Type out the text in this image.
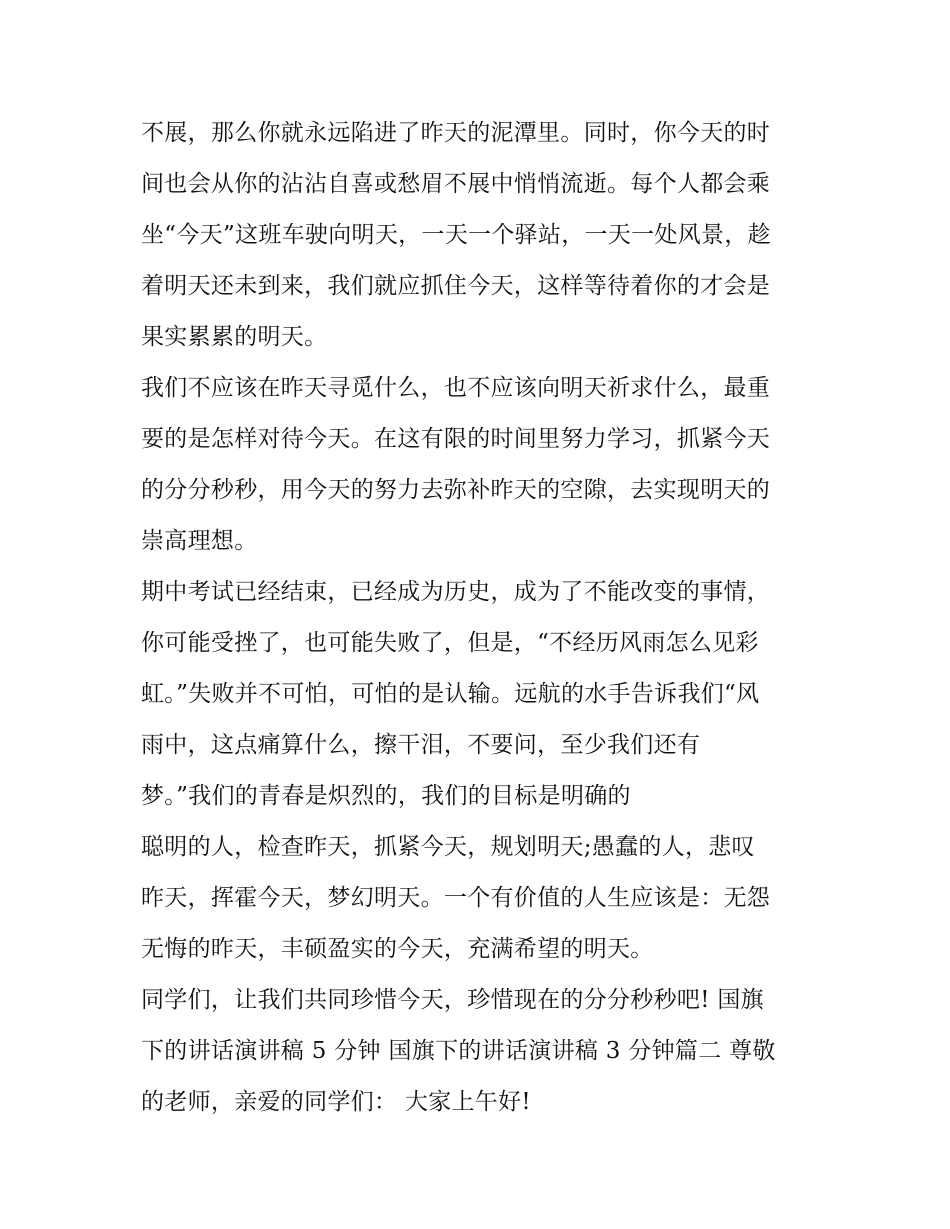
不展，那么你就永远陷进了昨天的泥潭里。同时，你今天的时
间也会从你的沾沾自喜或愁眉不展中悄悄流逝。每个人都会乘
坐“今天”这班车驶向明天，一天一个驿站，一天一处风景，趁
着明天还未到来，我们就应抓住今天，这样等待着你的才会是
果实累累的明天。
我们不应该在昨天寻觅什么，也不应该向明天祈求什么，最重
要的是怎样对待今天。在这有限的时间里努力学习，抓紧今天
的分分秒秒，用今天的努力去弥补昨天的空隙，去实现明天的
崇高理想。
期中考试已经结束，已经成为历史，成为了不能改变的事情，
你可能受挫了，也可能失败了，但是，“不经历风雨怎么见彩
虹。”失败并不可怕，可怕的是认输。远航的水手告诉我们“风
雨中，这点痛算什么，擦干泪，不要问，至少我们还有
梦。”我们的青春是炽烈的，我们的目标是明确的
聪明的人，检查昨天，抓紧今天，规划明天;愚蠢的人，悲叹
昨天，挥霍今天，梦幻明天。一个有价值的人生应该是：无怨
无悔的昨天，丰硕盈实的今天，充满希望的明天。
同学们，让我们共同珍惜今天，珍惜现在的分分秒秒吧! 国旗
下的讲话演讲稿 5 分钟 国旗下的讲话演讲稿 3 分钟篇二 尊敬
的老师，亲爱的同学们： 大家上午好!
